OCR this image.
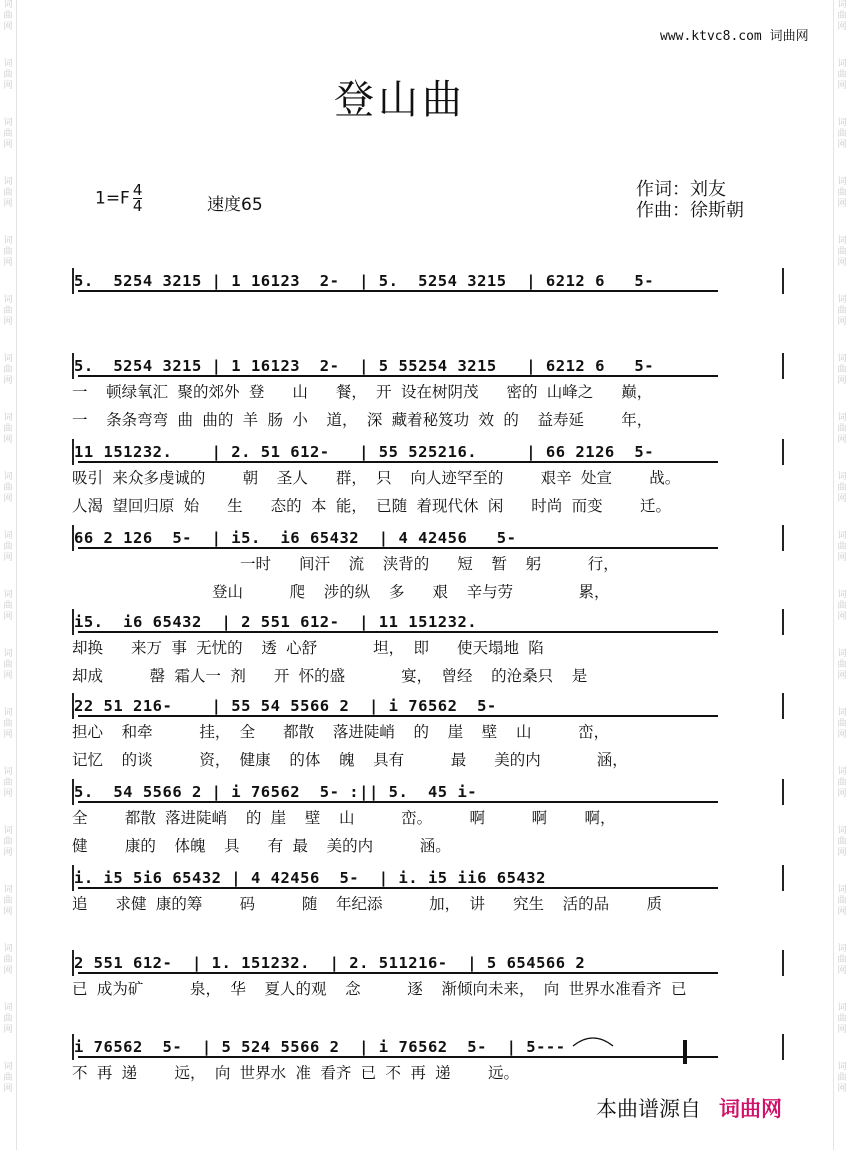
词
曲
网
词
曲
网
词
曲
网
词
曲
网
词
曲
网
词
曲
网
词
曲
网
词
曲
网
词
曲
网
词
曲
网
词
曲
网
词
曲
网
词
曲
网
词
曲
网
词
曲
网
词
曲
网
词
曲
网
词
曲
网
词
曲
网
词
曲
网
词
曲
网
词
曲
网
词
曲
网
词
曲
网
词
曲
网
词
曲
网
词
曲
网
词
曲
网
词
曲
网
词
曲
网
词
曲
网
词
曲
网
词
曲
网
词
曲
网
词
曲
网
词
曲
网
词
曲
网
词
曲
网
www.ktvc8.com 词曲网
登山曲
$1=F \frac{4}{4}$	速度65
作词：刘友
作曲：徐斯朝
5.  5254 3215 | 1 16123  2-  | 5.  5254 3215  | 6212 6   5-
5.  5254 3215 | 1 16123  2-  | 5 55254 3215   | 6212 6   5-
一  顿绿氧汇 聚的郊外 登   山   餐， 开 设在树阴茂   密的 山峰之   巅，
一  条条弯弯 曲 曲的 羊 肠 小  道， 深 藏着秘笈功 效 的  益寿延    年，
11 151232.    | 2. 51 612-   | 55 525216.     | 66 2126  5-
吸引 来众多虔诚的    朝  圣人   群， 只  向人迹罕至的    艰辛 处宣    战。
人渴 望回归原 始   生   态的 本 能， 已随 着现代休 闲   时尚 而变    迁。
66 2 126  5-  | i5.  i6 65432  | 4 42456   5-
一时   间汗  流  浃背的   短  暂  躬     行，
登山     爬  涉的纵  多   艰  辛与劳       累，
i5.  i6 65432  | 2 551 612-  | 11 151232.
却换   来万 事 无忧的  透 心舒      坦， 即   使天塌地 陷
却成     罄 霜人一 剂   开 怀的盛      宴， 曾经  的沧桑只  是
22 51 216-    | 55 54 5566 2  | i 76562  5-
担心  和牵     挂， 全   都散  落进陡峭  的  崖  壁  山     峦，
记忆  的谈     资， 健康  的体  魄  具有     最   美的内      涵，
5.  54 5566 2 | i 76562  5- :|| 5.  45 i-
全    都散 落进陡峭  的 崖  壁  山     峦。    啊     啊    啊，
健    康的  体魄  具   有 最  美的内     涵。
i. i5 5i6 65432 | 4 42456  5-  | i. i5 ii6 65432
追   求健 康的筹    码     随  年纪添     加， 讲   究生  活的品    质
2 551 612-  | 1. 151232.  | 2. 511216-  | 5 654566 2
已 成为矿     泉， 华  夏人的观  念     逐  渐倾向未来， 向 世界水准看齐 已
i 76562  5-  | 5 524 5566 2  | i 76562  5-  | 5---
不 再 递    远， 向 世界水 准 看齐 已 不 再 递    远。
本曲谱源自 词曲网
